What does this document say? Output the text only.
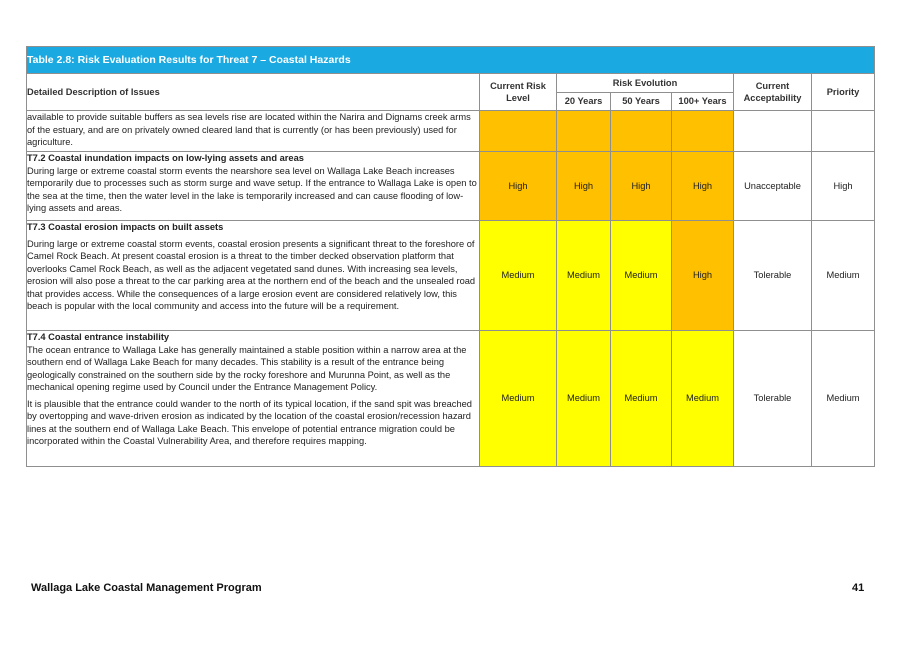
Table 2.8: Risk Evaluation Results for Threat 7 – Coastal Hazards						
Detailed Description of Issues	Current Risk Level	Risk Evolution			Current Acceptability	Priority
		20 Years	50 Years	100+ Years		

available to provide suitable buffers as sea levels rise are located within the Narira and Dignams creek arms of the estuary, and are on privately owned cleared land that is currently (or has been previously) used for agriculture.						

T7.2 Coastal inundation impacts on low-lying assets and areas

During large or extreme coastal storm events the nearshore sea level on Wallaga Lake Beach increases temporarily due to processes such as storm surge and wave setup. If the entrance to Wallaga Lake is open to the sea at the time, then the water level in the lake is temporarily increased and can cause flooding of low-lying assets and areas.	High	High	High	High	Unacceptable	High

T7.3 Coastal erosion impacts on built assets

During large or extreme coastal storm events, coastal erosion presents a significant threat to the foreshore of Camel Rock Beach. At present coastal erosion is a threat to the timber decked observation platform that overlooks Camel Rock Beach, as well as the adjacent vegetated sand dunes. With increasing sea levels, erosion will also pose a threat to the car parking area at the northern end of the beach and the unsealed road that provides access. While the consequences of a large erosion event are considered relatively low, this beach is popular with the local community and access into the future will be a requirement.	Medium	Medium	Medium	High	Tolerable	Medium

T7.4 Coastal entrance instability

The ocean entrance to Wallaga Lake has generally maintained a stable position within a narrow area at the southern end of Wallaga Lake Beach for many decades. This stability is a result of the entrance being geologically constrained on the southern side by the rocky foreshore and Murunna Point, as well as the mechanical opening regime used by Council under the Entrance Management Policy.

It is plausible that the entrance could wander to the north of its typical location, if the sand spit was breached by overtopping and wave-driven erosion as indicated by the location of the coastal erosion/recession hazard lines at the southern end of Wallaga Lake Beach. This envelope of potential entrance migration could be incorporated within the Coastal Vulnerability Area, and therefore requires mapping.	Medium	Medium	Medium	Medium	Tolerable	Medium
Wallaga Lake Coastal Management Program	41
